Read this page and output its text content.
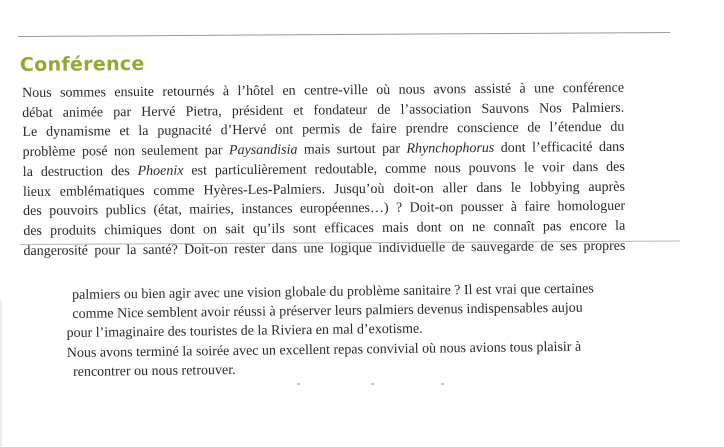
Conférence
Nous sommes ensuite retournés à l’hôtel en centre-ville où nous avons assisté à une conférence
débat animée par Hervé Pietra, président et fondateur de l’association Sauvons Nos Palmiers.
Le dynamisme et la pugnacité d’Hervé ont permis de faire prendre conscience de l’étendue du
problème posé non seulement par Paysandisia mais surtout par Rhynchophorus dont l’efficacité dans
la destruction des Phoenix est particulièrement redoutable, comme nous pouvons le voir dans des
lieux emblématiques comme Hyères-Les-Palmiers. Jusqu’où doit-on aller dans le lobbying auprès
des pouvoirs publics (état, mairies, instances européennes…) ? Doit-on pousser à faire homologuer
des produits chimiques dont on sait qu’ils sont efficaces mais dont on ne connaît pas encore la
dangerosité pour la santé? Doit-on rester dans une logique individuelle de sauvegarde de ses propres
palmiers ou bien agir avec une vision globale du problème sanitaire ? Il est vrai que certaines
comme Nice semblent avoir réussi à préserver leurs palmiers devenus indispensables aujou
pour l’imaginaire des touristes de la Riviera en mal d’exotisme.
Nous avons terminé la soirée avec un excellent repas convivial où nous avions tous plaisir à
rencontrer ou nous retrouver.
